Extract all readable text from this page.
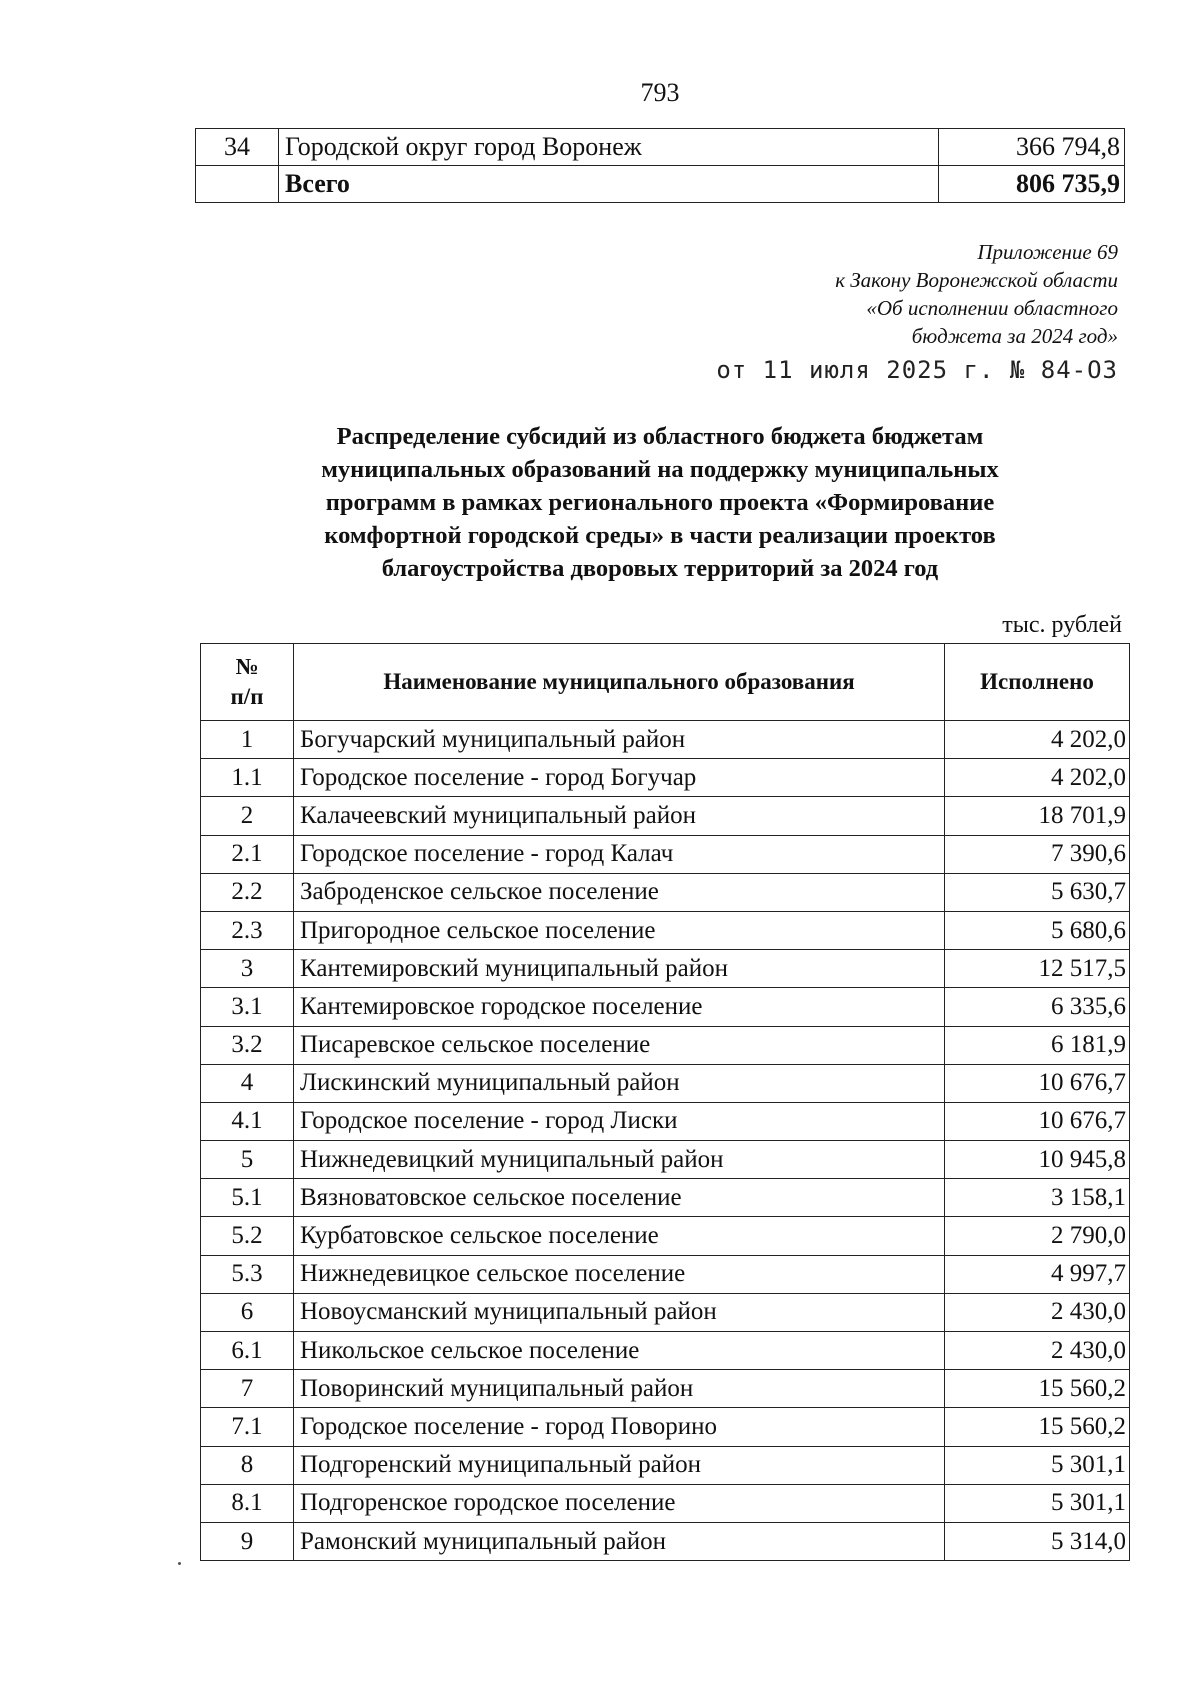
793
34	Городской округ город Воронеж	366 794,8
	Всего	806 735,9
Приложение 69
к Закону Воронежской области
«Об исполнении областного
бюджета за 2024 год»
от 11 июля 2025 г. № 84-ОЗ
Распределение субсидий из областного бюджета бюджетам
муниципальных образований на поддержку муниципальных
программ в рамках регионального проекта «Формирование
комфортной городской среды» в части реализации проектов
благоустройства дворовых территорий за 2024 год
тыс. рублей
№
п/п	Наименование муниципального образования	Исполнено
1	Богучарский муниципальный район	4 202,0
1.1	Городское поселение - город Богучар	4 202,0
2	Калачеевский муниципальный район	18 701,9
2.1	Городское поселение - город Калач	7 390,6
2.2	Заброденское сельское поселение	5 630,7
2.3	Пригородное сельское поселение	5 680,6
3	Кантемировский муниципальный район	12 517,5
3.1	Кантемировское городское поселение	6 335,6
3.2	Писаревское сельское поселение	6 181,9
4	Лискинский муниципальный район	10 676,7
4.1	Городское поселение - город Лиски	10 676,7
5	Нижнедевицкий муниципальный район	10 945,8
5.1	Вязноватовское сельское поселение	3 158,1
5.2	Курбатовское сельское поселение	2 790,0
5.3	Нижнедевицкое сельское поселение	4 997,7
6	Новоусманский муниципальный район	2 430,0
6.1	Никольское сельское поселение	2 430,0
7	Поворинский муниципальный район	15 560,2
7.1	Городское поселение - город Поворино	15 560,2
8	Подгоренский муниципальный район	5 301,1
8.1	Подгоренское городское поселение	5 301,1
9	Рамонский муниципальный район	5 314,0
